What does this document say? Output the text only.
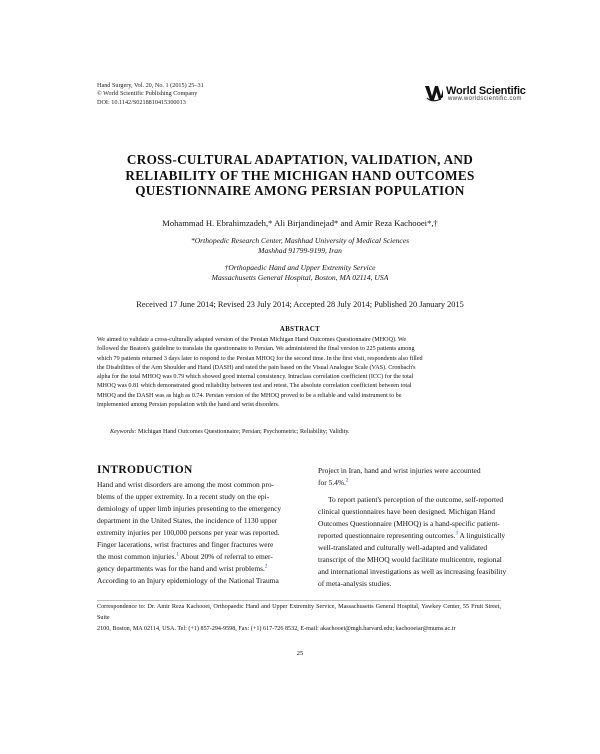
Hand Surgery, Vol. 20, No. 1 (2015) 25–31
© World Scientific Publishing Company
DOI: 10.1142/S0218810415300013
World Scientific
www.worldscientific.com
CROSS-CULTURAL ADAPTATION, VALIDATION, AND
RELIABILITY OF THE MICHIGAN HAND OUTCOMES
QUESTIONNAIRE AMONG PERSIAN POPULATION
Mohammad H. Ebrahimzadeh,* Ali Birjandinejad* and Amir Reza Kachooei*,†
*Orthopedic Research Center, Mashhad University of Medical Sciences
Mashhad 91799-9199, Iran
†Orthopaedic Hand and Upper Extremity Service
Massachusetts General Hospital, Boston, MA 02114, USA
Received 17 June 2014; Revised 23 July 2014; Accepted 28 July 2014; Published 20 January 2015
ABSTRACT
We aimed to validate a cross-culturally adapted version of the Persian Michigan Hand Outcomes Questionnaire (MHOQ). We
followed the Beaton's guideline to translate the questionnaire to Persian. We administered the final version to 225 patients among
which 79 patients returned 3 days later to respond to the Persian MHOQ for the second time. In the first visit, respondents also filled
the Disabilities of the Arm Shoulder and Hand (DASH) and rated the pain based on the Visual Analogue Scale (VAS). Cronbach's
alpha for the total MHOQ was 0.79 which showed good internal consistency. Intraclass correlation coefficient (ICC) for the total
MHOQ was 0.81 which demonstrated good reliability between test and retest. The absolute correlation coefficient between total
MHOQ and the DASH was as high as 0.74. Persian version of the MHOQ proved to be a reliable and valid instrument to be
implemented among Persian population with the hand and wrist disorders.
Keywords: Michigan Hand Outcomes Questionnaire; Persian; Psychometric; Reliability; Validity.
INTRODUCTION
Hand and wrist disorders are among the most common pro-
blems of the upper extremity. In a recent study on the epi-
demiology of upper limb injuries presenting to the emergency
department in the United States, the incidence of 1130 upper
extremity injuries per 100,000 persons per year was reported.
Finger lacerations, wrist fractures and finger fractures were
the most common injuries.$^1$ About 20% of referral to emer-
gency departments was for the hand and wrist problems.$^2$
According to an Injury epidemiology of the National Trauma
Project in Iran, hand and wrist injuries were accounted
for 5.4%.$^2$
To report patient's perception of the outcome, self-reported
clinical questionnaires have been designed. Michigan Hand
Outcomes Questionnaire (MHOQ) is a hand-specific patient-
reported questionnaire representing outcomes.$^3$ A linguistically
well-translated and culturally well-adapted and validated
transcript of the MHOQ would facilitate multicentre, regional
and international investigations as well as increasing feasibility
of meta-analysis studies.
Correspondence to: Dr. Amir Reza Kachooei, Orthopaedic Hand and Upper Extremity Service, Massachusetts General Hospital, Yawkey Center, 55 Fruit Street, Suite
2100, Boston, MA 02114, USA. Tel: (+1) 857-294-9598, Fax: (+1) 617-726 8532, E-mail: akachooei@mgh.harvard.edu; kachooeiar@mums.ac.ir
25
